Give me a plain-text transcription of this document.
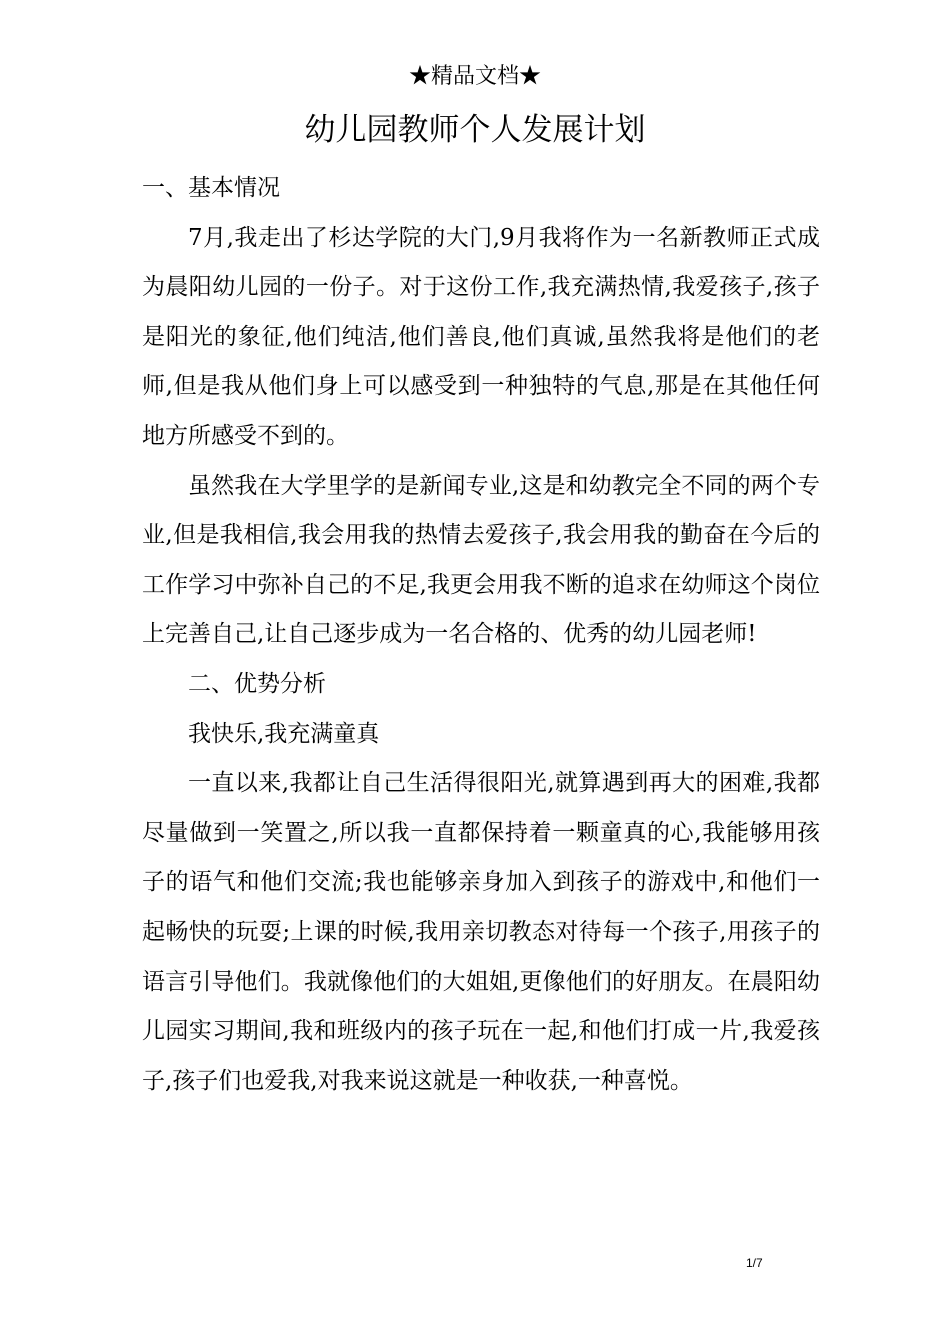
★精品文档★
幼儿园教师个人发展计划

一、基本情况

7月,我走出了杉达学院的大门,9月我将作为一名新教师正式成为晨阳幼儿园的一份子。对于这份工作,我充满热情,我爱孩子,孩子是阳光的象征,他们纯洁,他们善良,他们真诚,虽然我将是他们的老师,但是我从他们身上可以感受到一种独特的气息,那是在其他任何地方所感受不到的。

虽然我在大学里学的是新闻专业,这是和幼教完全不同的两个专业,但是我相信,我会用我的热情去爱孩子,我会用我的勤奋在今后的工作学习中弥补自己的不足,我更会用我不断的追求在幼师这个岗位上完善自己,让自己逐步成为一名合格的、优秀的幼儿园老师!

二、优势分析

我快乐,我充满童真

一直以来,我都让自己生活得很阳光,就算遇到再大的困难,我都尽量做到一笑置之,所以我一直都保持着一颗童真的心,我能够用孩子的语气和他们交流;我也能够亲身加入到孩子的游戏中,和他们一起畅快的玩耍;上课的时候,我用亲切教态对待每一个孩子,用孩子的语言引导他们。我就像他们的大姐姐,更像他们的好朋友。在晨阳幼儿园实习期间,我和班级内的孩子玩在一起,和他们打成一片,我爱孩子,孩子们也爱我,对我来说这就是一种收获,一种喜悦。

1/7
